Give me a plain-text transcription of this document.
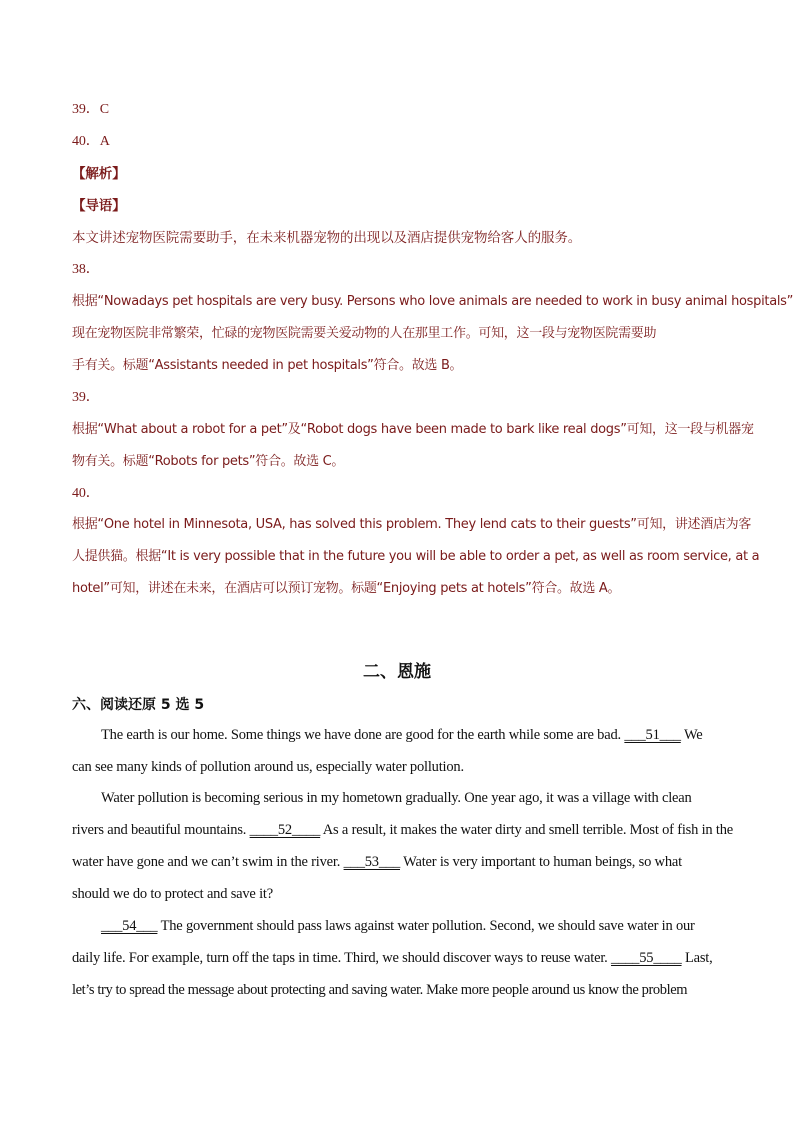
39．C
40．A
【解析】
【导语】
本文讲述宠物医院需要助手，在未来机器宠物的出现以及酒店提供宠物给客人的服务。
38．
根据“Nowadays pet hospitals are very busy. Persons who love animals are needed to work in busy animal hospitals”
现在宠物医院非常繁荣，忙碌的宠物医院需要关爱动物的人在那里工作。可知，这一段与宠物医院需要助
手有关。标题“Assistants needed in pet hospitals”符合。故选 B。
39．
根据“What about a robot for a pet”及“Robot dogs have been made to bark like real dogs”可知，这一段与机器宠
物有关。标题“Robots for pets”符合。故选 C。
40．
根据“One hotel in Minnesota, USA, has solved this problem. They lend cats to their guests”可知，讲述酒店为客
人提供猫。根据“It is very possible that in the future you will be able to order a pet, as well as room service, at a
hotel”可知，讲述在未来，在酒店可以预订宠物。标题“Enjoying pets at hotels”符合。故选 A。
二、恩施
六、阅读还原 5 选 5
The earth is our home. Some things we have done are good for the earth while some are bad. ___51___ We
can see many kinds of pollution around us, especially water pollution.
Water pollution is becoming serious in my hometown gradually. One year ago, it was a village with clean
rivers and beautiful mountains. ____52____ As a result, it makes the water dirty and smell terrible. Most of fish in the
water have gone and we can’t swim in the river. ___53___ Water is very important to human beings, so what
should we do to protect and save it?
___54___ The government should pass laws against water pollution. Second, we should save water in our
daily life. For example, turn off the taps in time. Third, we should discover ways to reuse water. ____55____ Last,
let’s try to spread the message about protecting and saving water. Make more people around us know the problem
